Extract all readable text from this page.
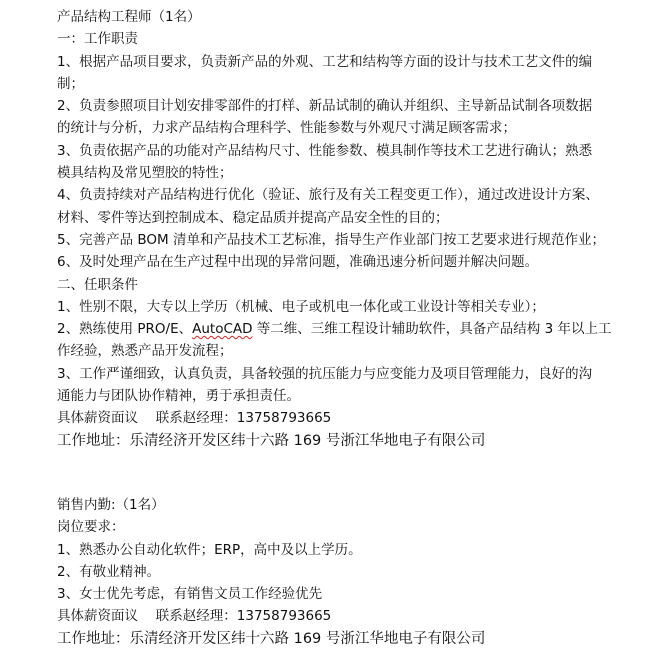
产品结构工程师（1名）
一：工作职责
1、根据产品项目要求，负责新产品的外观、工艺和结构等方面的设计与技术工艺文件的编
制；
2、负责参照项目计划安排零部件的打样、新品试制的确认并组织、主导新品试制各项数据
的统计与分析，力求产品结构合理科学、性能参数与外观尺寸满足顾客需求；
3、负责依据产品的功能对产品结构尺寸、性能参数、模具制作等技术工艺进行确认；熟悉
模具结构及常见塑胶的特性；
4、负责持续对产品结构进行优化（验证、旅行及有关工程变更工作），通过改进设计方案、
材料、零件等达到控制成本、稳定品质并提高产品安全性的目的；
5、完善产品 BOM 清单和产品技术工艺标准，指导生产作业部门按工艺要求进行规范作业；
6、及时处理产品在生产过程中出现的异常问题，准确迅速分析问题并解决问题。
二、任职条件
1、性别不限，大专以上学历（机械、电子或机电一体化或工业设计等相关专业）；
2、熟练使用 PRO/E、AutoCAD 等二维、三维工程设计辅助软件，具备产品结构 3 年以上工
作经验，熟悉产品开发流程；
3、工作严谨细致，认真负责，具备较强的抗压能力与应变能力及项目管理能力，良好的沟
通能力与团队协作精神，勇于承担责任。
具体薪资面议　 联系赵经理：13758793665
工作地址：乐清经济开发区纬十六路 169 号浙江华地电子有限公司
销售内勤:（1名）
岗位要求：
1、熟悉办公自动化软件；ERP，高中及以上学历。
2、有敬业精神。
3、女士优先考虑，有销售文员工作经验优先
具体薪资面议　 联系赵经理：13758793665
工作地址：乐清经济开发区纬十六路 169 号浙江华地电子有限公司
